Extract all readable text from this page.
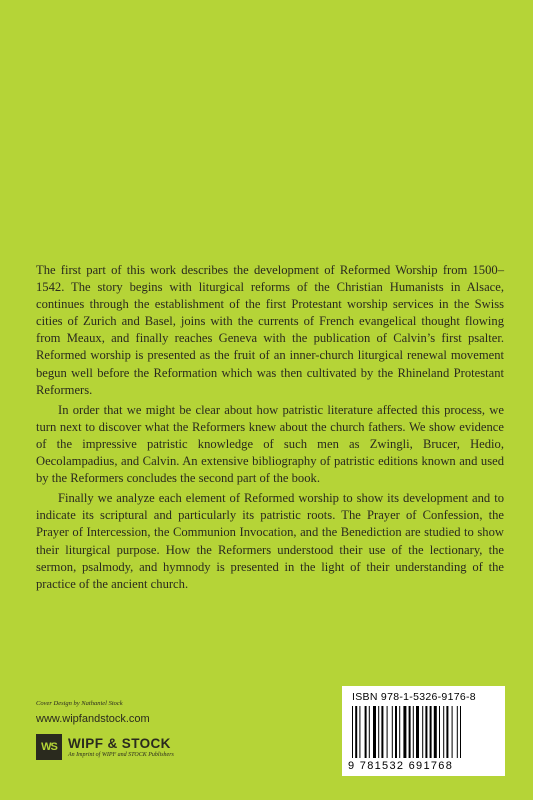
The first part of this work describes the development of Reformed Worship from 1500–1542. The story begins with liturgical reforms of the Christian Humanists in Alsace, continues through the establishment of the first Protestant worship services in the Swiss cities of Zurich and Basel, joins with the currents of French evangelical thought flowing from Meaux, and finally reaches Geneva with the publication of Calvin’s first psalter. Reformed worship is presented as the fruit of an inner-church liturgical renewal movement begun well before the Reformation which was then cultivated by the Rhineland Protestant Reformers.

In order that we might be clear about how patristic literature affected this process, we turn next to discover what the Reformers knew about the church fathers. We show evidence of the impressive patristic knowledge of such men as Zwingli, Brucer, Hedio, Oecolampadius, and Calvin. An extensive bibliography of patristic editions known and used by the Reformers concludes the second part of the book.

Finally we analyze each element of Reformed worship to show its development and to indicate its scriptural and particularly its patristic roots. The Prayer of Confession, the Prayer of Intercession, the Communion Invocation, and the Benediction are studied to show their liturgical purpose. How the Reformers understood their use of the lectionary, the sermon, psalmody, and hymnody is presented in the light of their understanding of the practice of the ancient church.

Cover Design by Nathaniel Stock
www.wipfandstock.com
WS WIPF & STOCK
An Imprint of WIPF and STOCK Publishers
ISBN 978-1-5326-9176-8
9 781532 691768
